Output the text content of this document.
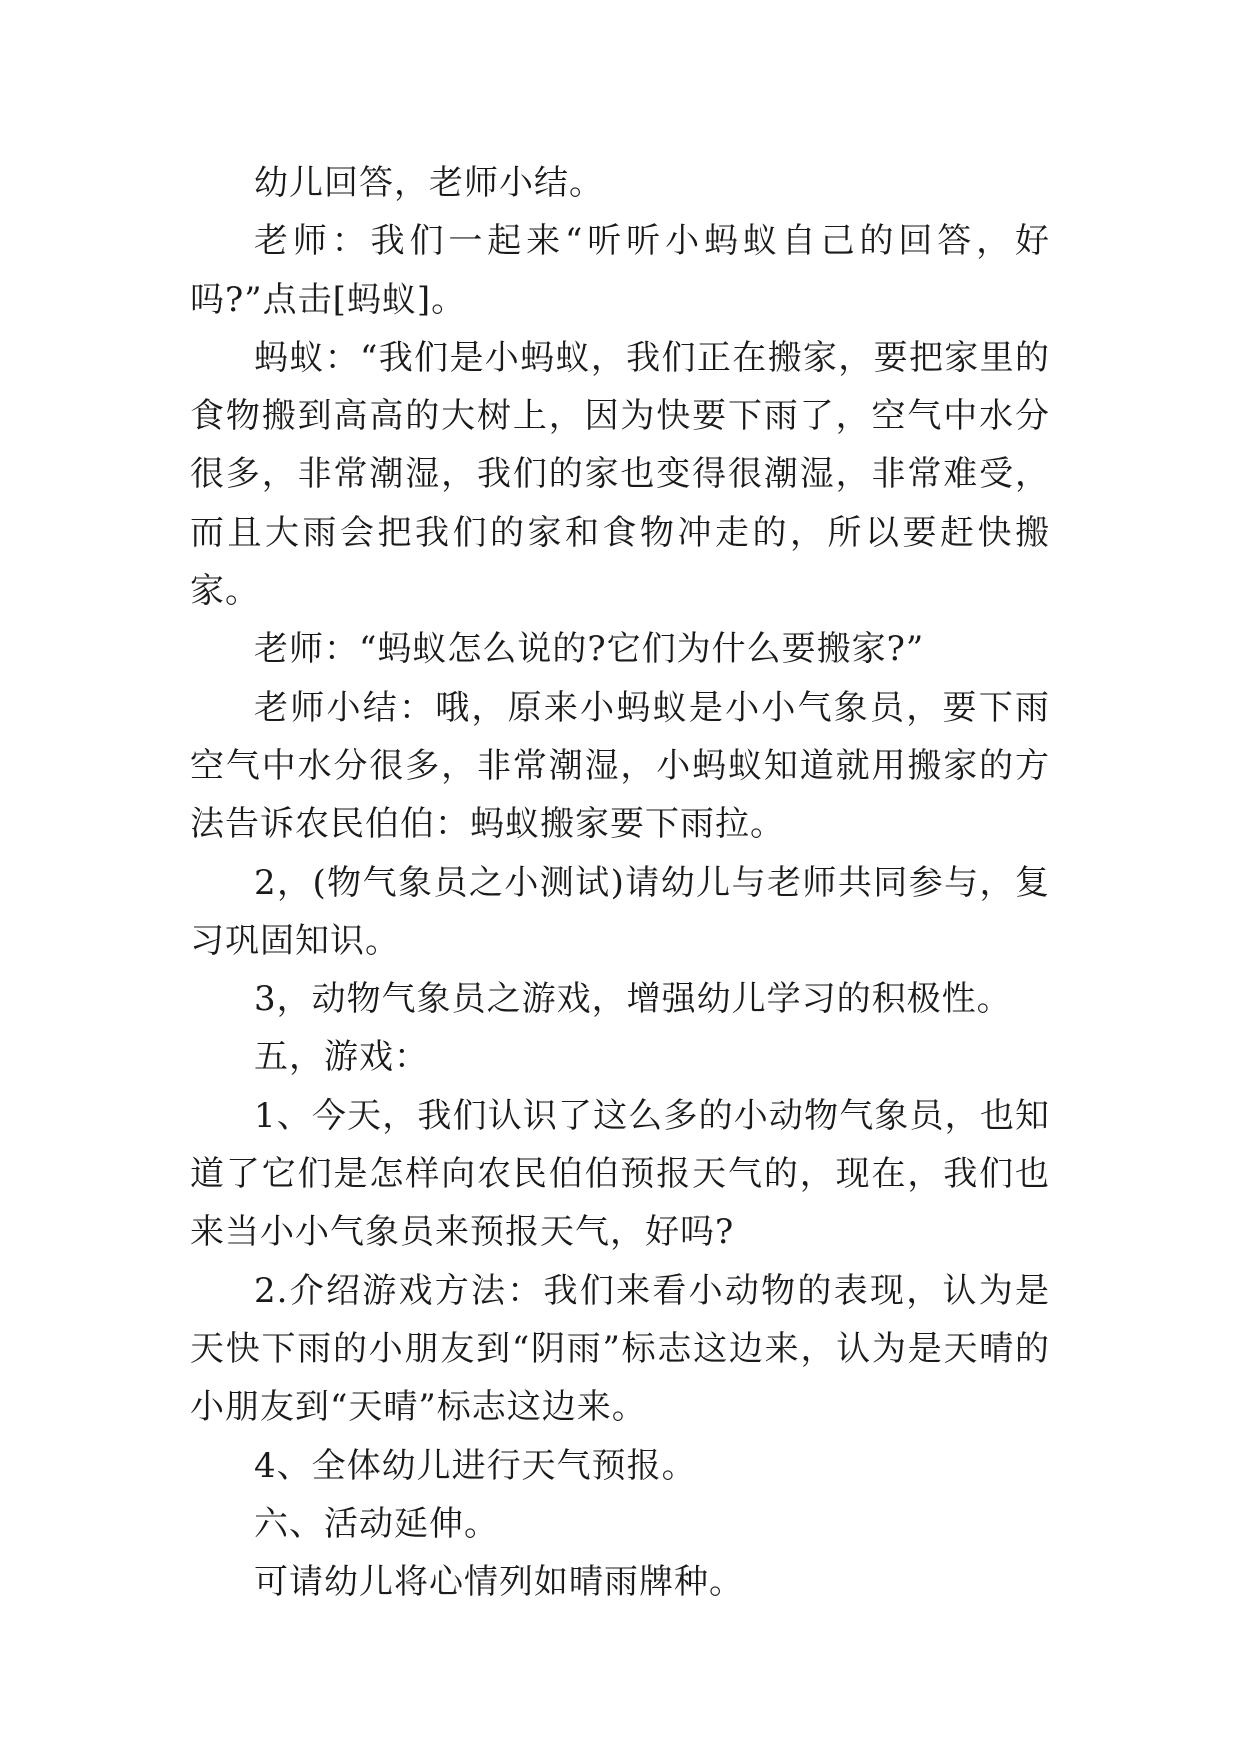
幼儿回答，老师小结。

老师：我们一起来“听听小蚂蚁自己的回答，好吗?”点击[蚂蚁]。

蚂蚁：“我们是小蚂蚁，我们正在搬家，要把家里的食物搬到高高的大树上，因为快要下雨了，空气中水分很多，非常潮湿，我们的家也变得很潮湿，非常难受，而且大雨会把我们的家和食物冲走的，所以要赶快搬家。

老师：“蚂蚁怎么说的?它们为什么要搬家?”

老师小结：哦，原来小蚂蚁是小小气象员，要下雨空气中水分很多，非常潮湿，小蚂蚁知道就用搬家的方法告诉农民伯伯：蚂蚁搬家要下雨拉。

2，(物气象员之小测试)请幼儿与老师共同参与，复习巩固知识。

3，动物气象员之游戏，增强幼儿学习的积极性。

五，游戏：

1、今天，我们认识了这么多的小动物气象员，也知道了它们是怎样向农民伯伯预报天气的，现在，我们也来当小小气象员来预报天气，好吗?

2.介绍游戏方法：我们来看小动物的表现，认为是天快下雨的小朋友到“阴雨”标志这边来，认为是天晴的小朋友到“天晴”标志这边来。

4、全体幼儿进行天气预报。

六、活动延伸。

可请幼儿将心情列如晴雨牌种。
